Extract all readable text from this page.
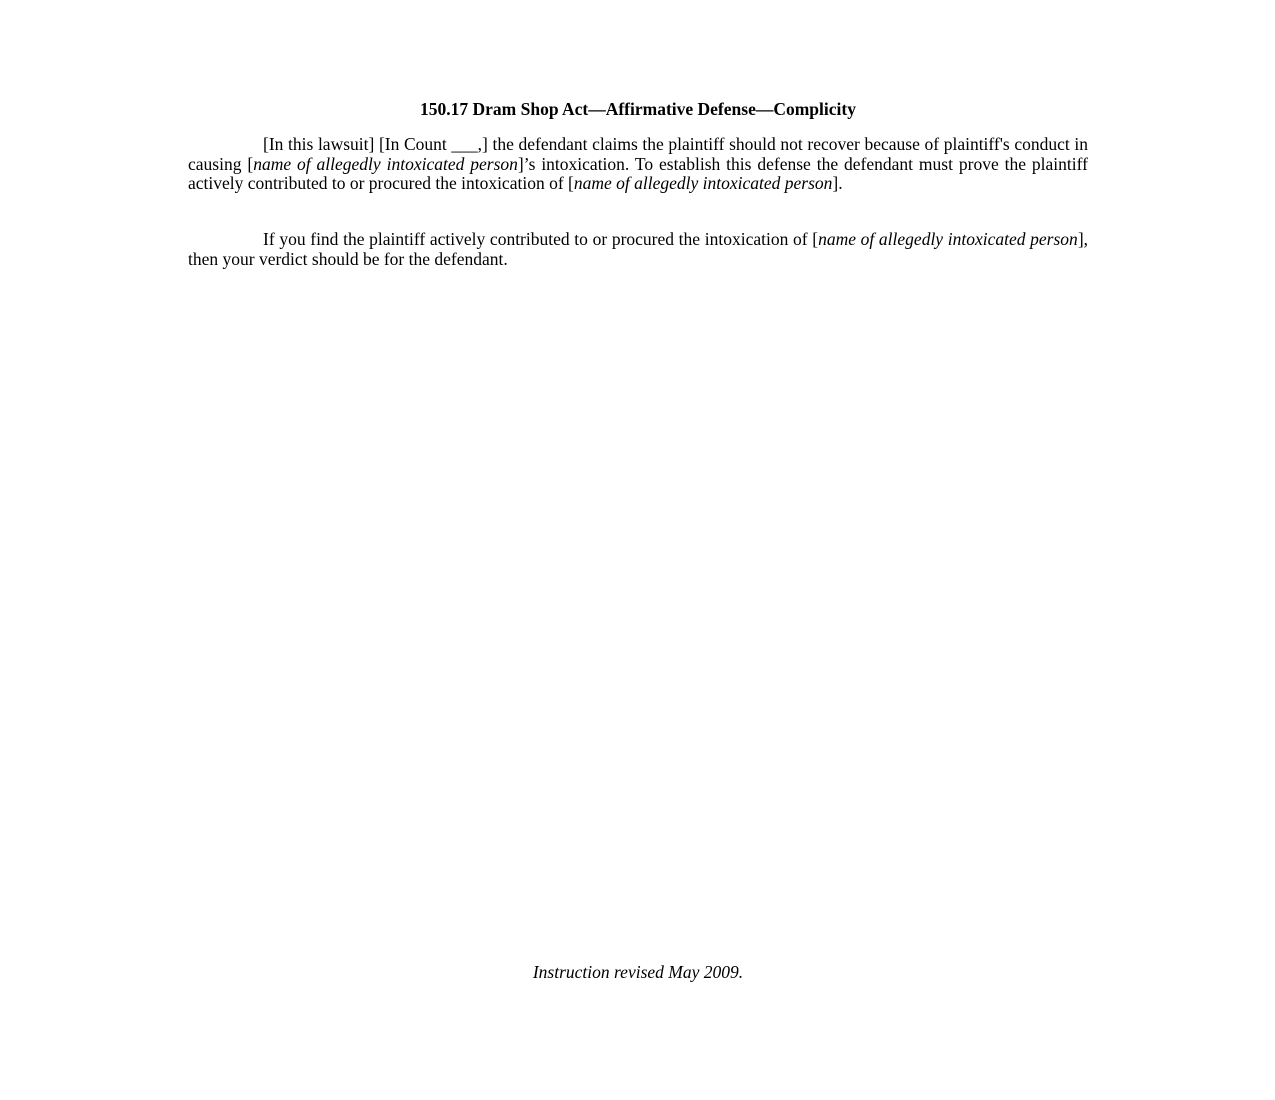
150.17 Dram Shop Act—Affirmative Defense—Complicity

[In this lawsuit] [In Count ___,] the defendant claims the plaintiff should not recover because of plaintiff's conduct in causing [name of allegedly intoxicated person]’s intoxication. To establish this defense the defendant must prove the plaintiff actively contributed to or procured the intoxication of [name of allegedly intoxicated person].

If you find the plaintiff actively contributed to or procured the intoxication of [name of allegedly intoxicated person], then your verdict should be for the defendant.

Instruction revised May 2009.
